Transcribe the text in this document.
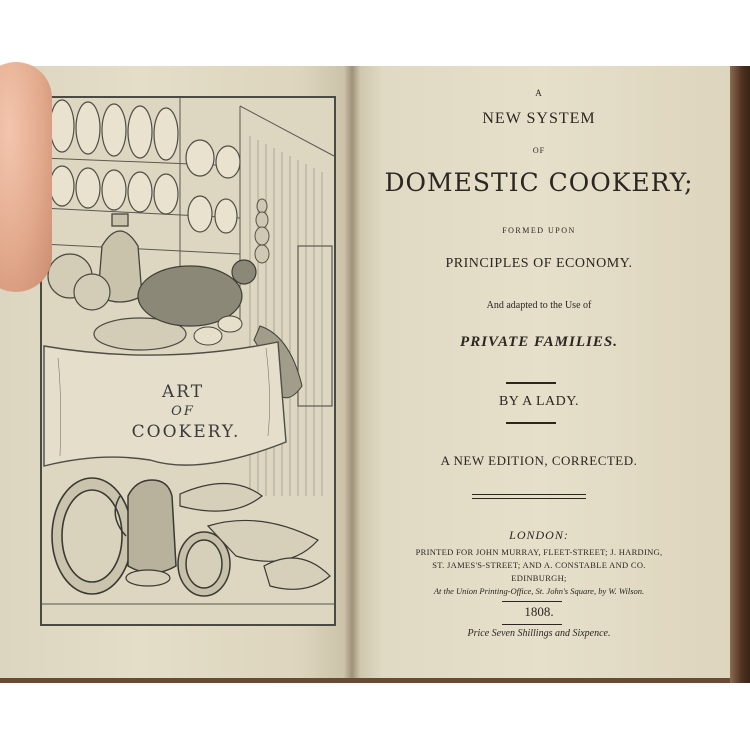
ART
OF
COOKERY.
A
NEW SYSTEM
OF
DOMESTIC COOKERY;
FORMED UPON
PRINCIPLES OF ECONOMY.
And adapted to the Use of
PRIVATE FAMILIES.
BY A LADY.
A NEW EDITION, CORRECTED.
LONDON:
PRINTED FOR JOHN MURRAY, FLEET-STREET; J. HARDING,
ST. JAMES'S-STREET; AND A. CONSTABLE AND CO.
EDINBURGH;
At the Union Printing-Office, St. John's Square, by W. Wilson.
1808.
Price Seven Shillings and Sixpence.
